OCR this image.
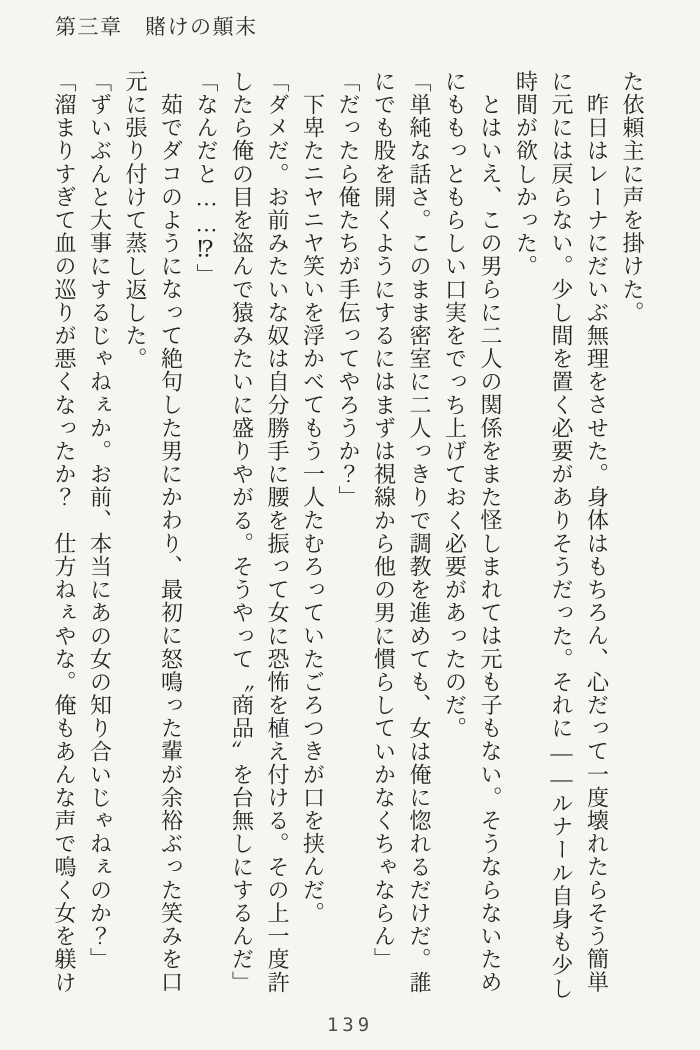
第三章　賭けの顛末

た依頼主に声を掛けた。

昨日はレーナにだいぶ無理をさせた。身体はもちろん、心だって一度壊れたらそう簡単に元には戻らない。少し間を置く必要がありそうだった。それに――ルナール自身も少し時間が欲しかった。

とはいえ、この男らに二人の関係をまた怪しまれては元も子もない。そうならないためにももっともらしい口実をでっち上げておく必要があったのだ。

「単純な話さ。このまま密室に二人っきりで調教を進めても、女は俺に惚れるだけだ。誰にでも股を開くようにするにはまずは視線から他の男に慣らしていかなくちゃならん」

「だったら俺たちが手伝ってやろうか？」

下卑たニヤニヤ笑いを浮かべてもう一人たむろっていたごろつきが口を挟んだ。

「ダメだ。お前みたいな奴は自分勝手に腰を振って女に恐怖を植え付ける。その上一度許したら俺の目を盗んで猿みたいに盛りやがる。そうやって〝商品〟を台無しにするんだ」

「なんだと……⁉」

茹でダコのようになって絶句した男にかわり、最初に怒鳴った輩が余裕ぶった笑みを口元に張り付けて蒸し返した。

「ずいぶんと大事にするじゃねぇか。お前、本当にあの女の知り合いじゃねぇのか？」

「溜まりすぎて血の巡りが悪くなったか？　仕方ねぇやな。俺もあんな声で鳴く女を躾け

139
